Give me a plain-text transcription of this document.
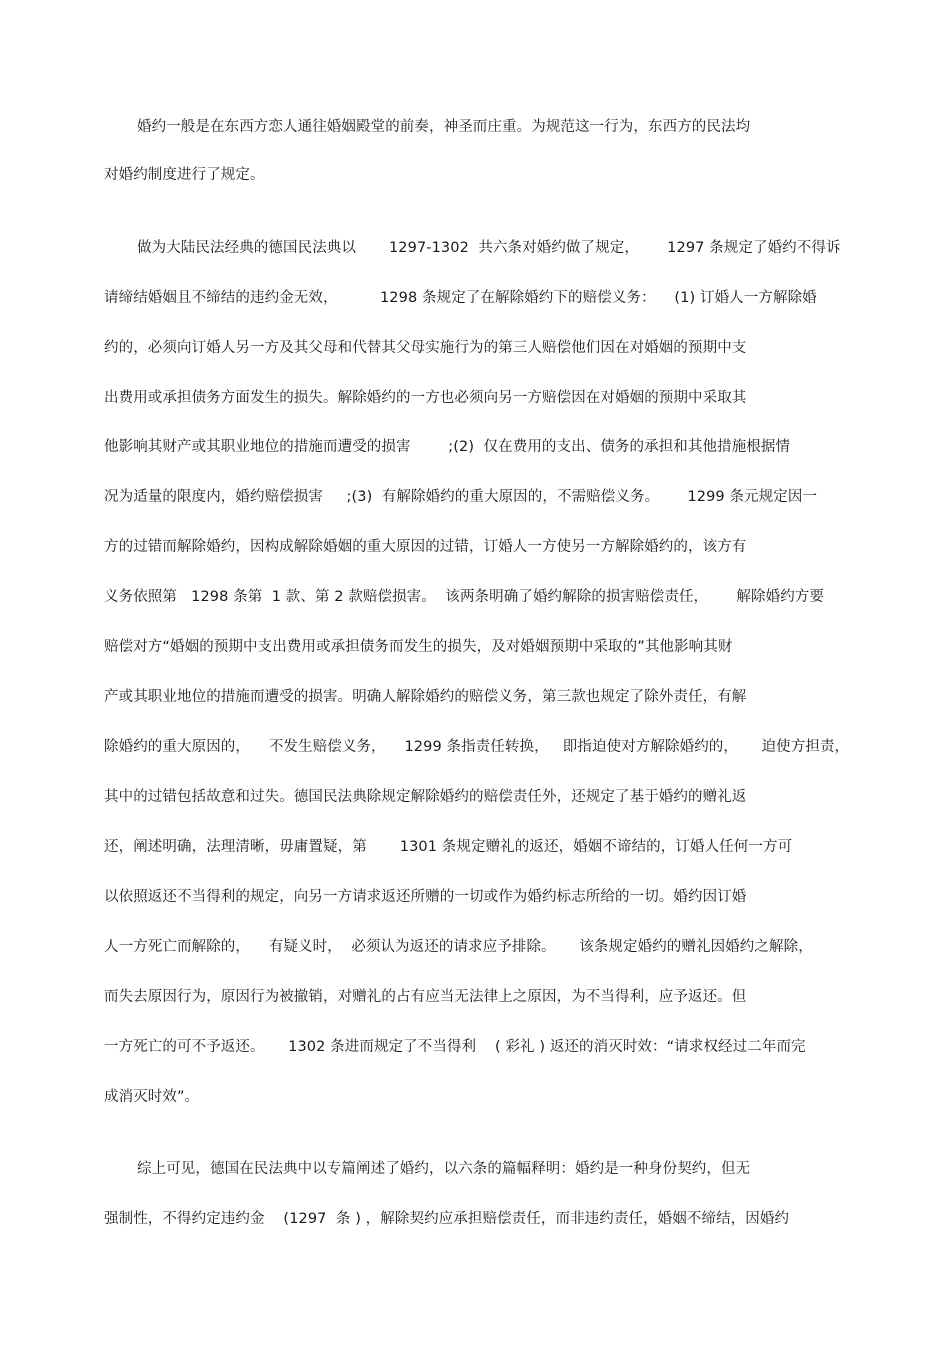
婚约一般是在东西方恋人通往婚姻殿堂的前奏，神圣而庄重。为规范这一行为，东西方的民法均
对婚约制度进行了规定。
做为大陆民法经典的德国民法典以       1297-1302  共六条对婚约做了规定，      1297 条规定了婚约不得诉
请缔结婚姻且不缔结的违约金无效，         1298 条规定了在解除婚约下的赔偿义务：    (1) 订婚人一方解除婚
约的，必须向订婚人另一方及其父母和代替其父母实施行为的第三人赔偿他们因在对婚姻的预期中支
出费用或承担债务方面发生的损失。解除婚约的一方也必须向另一方赔偿因在对婚姻的预期中采取其
他影响其财产或其职业地位的措施而遭受的损害        ;(2)  仅在费用的支出、债务的承担和其他措施根据情
况为适量的限度内，婚约赔偿损害     ;(3)  有解除婚约的重大原因的，不需赔偿义务。      1299 条元规定因一
方的过错而解除婚约，因构成解除婚姻的重大原因的过错，订婚人一方使另一方解除婚约的，该方有
义务依照第   1298 条第  1 款、第 2 款赔偿损害。  该两条明确了婚约解除的损害赔偿责任，      解除婚约方要
赔偿对方“婚姻的预期中支出费用或承担债务而发生的损失，及对婚姻预期中采取的”其他影响其财
产或其职业地位的措施而遭受的损害。明确人解除婚约的赔偿义务，第三款也规定了除外责任，有解
除婚约的重大原因的，    不发生赔偿义务，    1299 条指责任转换，   即指迫使对方解除婚约的，     迫使方担责，
其中的过错包括故意和过失。德国民法典除规定解除婚约的赔偿责任外，还规定了基于婚约的赠礼返
还，阐述明确，法理清晰，毋庸置疑，第       1301 条规定赠礼的返还，婚姻不谛结的，订婚人任何一方可
以依照返还不当得利的规定，向另一方请求返还所赠的一切或作为婚约标志所给的一切。婚约因订婚
人一方死亡而解除的，    有疑义时，  必须认为返还的请求应予排除。     该条规定婚约的赠礼因婚约之解除，
而失去原因行为，原因行为被撤销，对赠礼的占有应当无法律上之原因，为不当得利，应予返还。但
一方死亡的可不予返还。     1302 条进而规定了不当得利    ( 彩礼 ) 返还的消灭时效：“请求权经过二年而完
成消灭时效”。
综上可见，德国在民法典中以专篇阐述了婚约，以六条的篇幅释明：婚约是一种身份契约，但无
强制性，不得约定违约金    (1297  条 ) ，解除契约应承担赔偿责任，而非违约责任，婚姻不缔结，因婚约
